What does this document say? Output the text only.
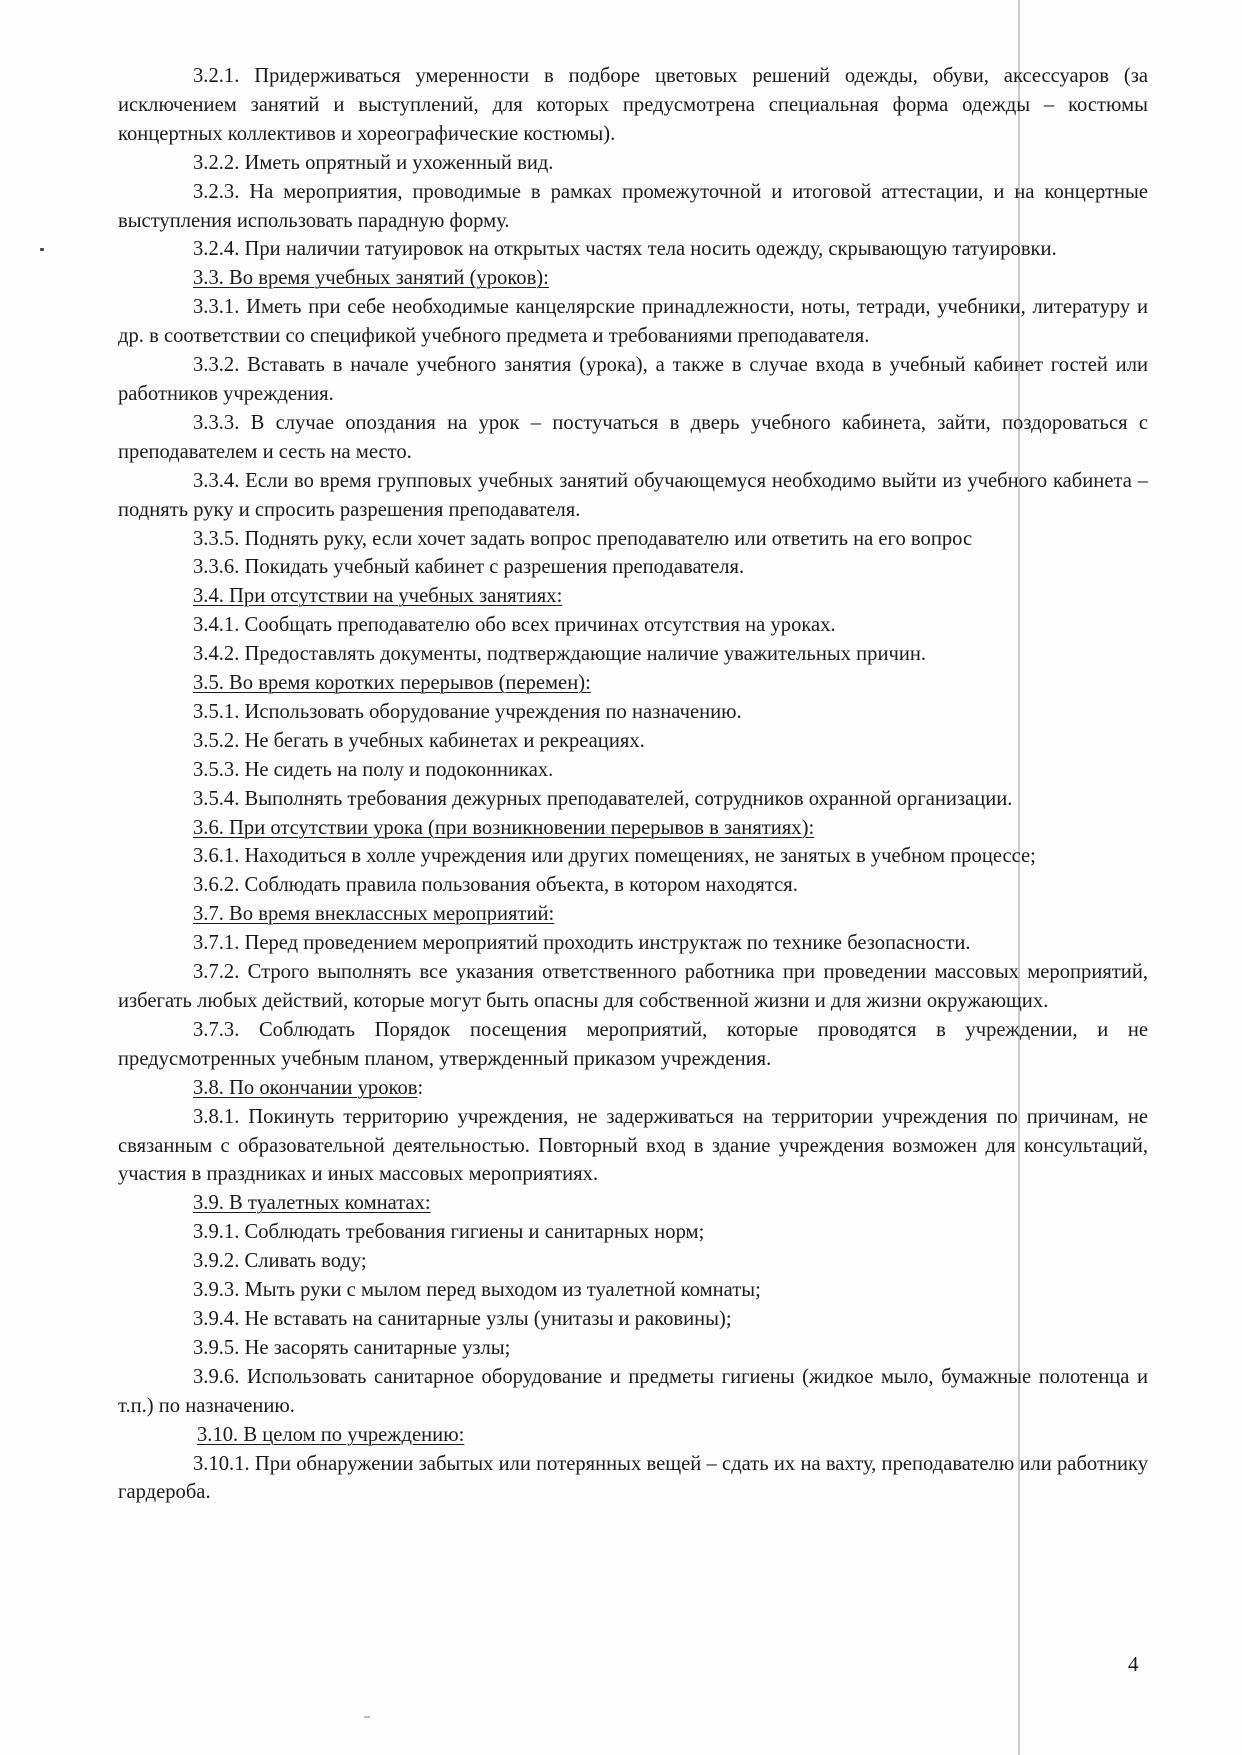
3.2.1. Придерживаться умеренности в подборе цветовых решений одежды, обуви, аксессуаров (за исключением занятий и выступлений, для которых предусмотрена специальная форма одежды – костюмы концертных коллективов и хореографические костюмы).

3.2.2. Иметь опрятный и ухоженный вид.

3.2.3. На мероприятия, проводимые в рамках промежуточной и итоговой аттестации, и на концертные выступления использовать парадную форму.

3.2.4. При наличии татуировок на открытых частях тела носить одежду, скрывающую татуировки.

3.3. Во время учебных занятий (уроков):

3.3.1. Иметь при себе необходимые канцелярские принадлежности, ноты, тетради, учебники, литературу и др. в соответствии со спецификой учебного предмета и требованиями преподавателя.

3.3.2. Вставать в начале учебного занятия (урока), а также в случае входа в учебный кабинет гостей или работников учреждения.

3.3.3. В случае опоздания на урок – постучаться в дверь учебного кабинета, зайти, поздороваться с преподавателем и сесть на место.

3.3.4. Если во время групповых учебных занятий обучающемуся необходимо выйти из учебного кабинета – поднять руку и спросить разрешения преподавателя.

3.3.5. Поднять руку, если хочет задать вопрос преподавателю или ответить на его вопрос

3.3.6. Покидать учебный кабинет с разрешения преподавателя.

3.4. При отсутствии на учебных занятиях:

3.4.1. Сообщать преподавателю обо всех причинах отсутствия на уроках.

3.4.2. Предоставлять документы, подтверждающие наличие уважительных причин.

3.5. Во время коротких перерывов (перемен):

3.5.1. Использовать оборудование учреждения по назначению.

3.5.2. Не бегать в учебных кабинетах и рекреациях.

3.5.3. Не сидеть на полу и подоконниках.

3.5.4. Выполнять требования дежурных преподавателей, сотрудников охранной организации.

3.6. При отсутствии урока (при возникновении перерывов в занятиях):

3.6.1. Находиться в холле учреждения или других помещениях, не занятых в учебном процессе;

3.6.2. Соблюдать правила пользования объекта, в котором находятся.

3.7. Во время внеклассных мероприятий:

3.7.1. Перед проведением мероприятий проходить инструктаж по технике безопасности.

3.7.2. Строго выполнять все указания ответственного работника при проведении массовых мероприятий, избегать любых действий, которые могут быть опасны для собственной жизни и для жизни окружающих.

3.7.3. Соблюдать Порядок посещения мероприятий, которые проводятся в учреждении, и не предусмотренных учебным планом, утвержденный приказом учреждения.

3.8. По окончании уроков:

3.8.1. Покинуть территорию учреждения, не задерживаться на территории учреждения по причинам, не связанным с образовательной деятельностью. Повторный вход в здание учреждения возможен для консультаций, участия в праздниках и иных массовых мероприятиях.

3.9. В туалетных комнатах:

3.9.1. Соблюдать требования гигиены и санитарных норм;

3.9.2. Сливать воду;

3.9.3. Мыть руки с мылом перед выходом из туалетной комнаты;

3.9.4. Не вставать на санитарные узлы (унитазы и раковины);

3.9.5. Не засорять санитарные узлы;

3.9.6. Использовать санитарное оборудование и предметы гигиены (жидкое мыло, бумажные полотенца и т.п.) по назначению.

3.10. В целом по учреждению:

3.10.1. При обнаружении забытых или потерянных вещей – сдать их на вахту, преподавателю или работнику гардероба.

4
